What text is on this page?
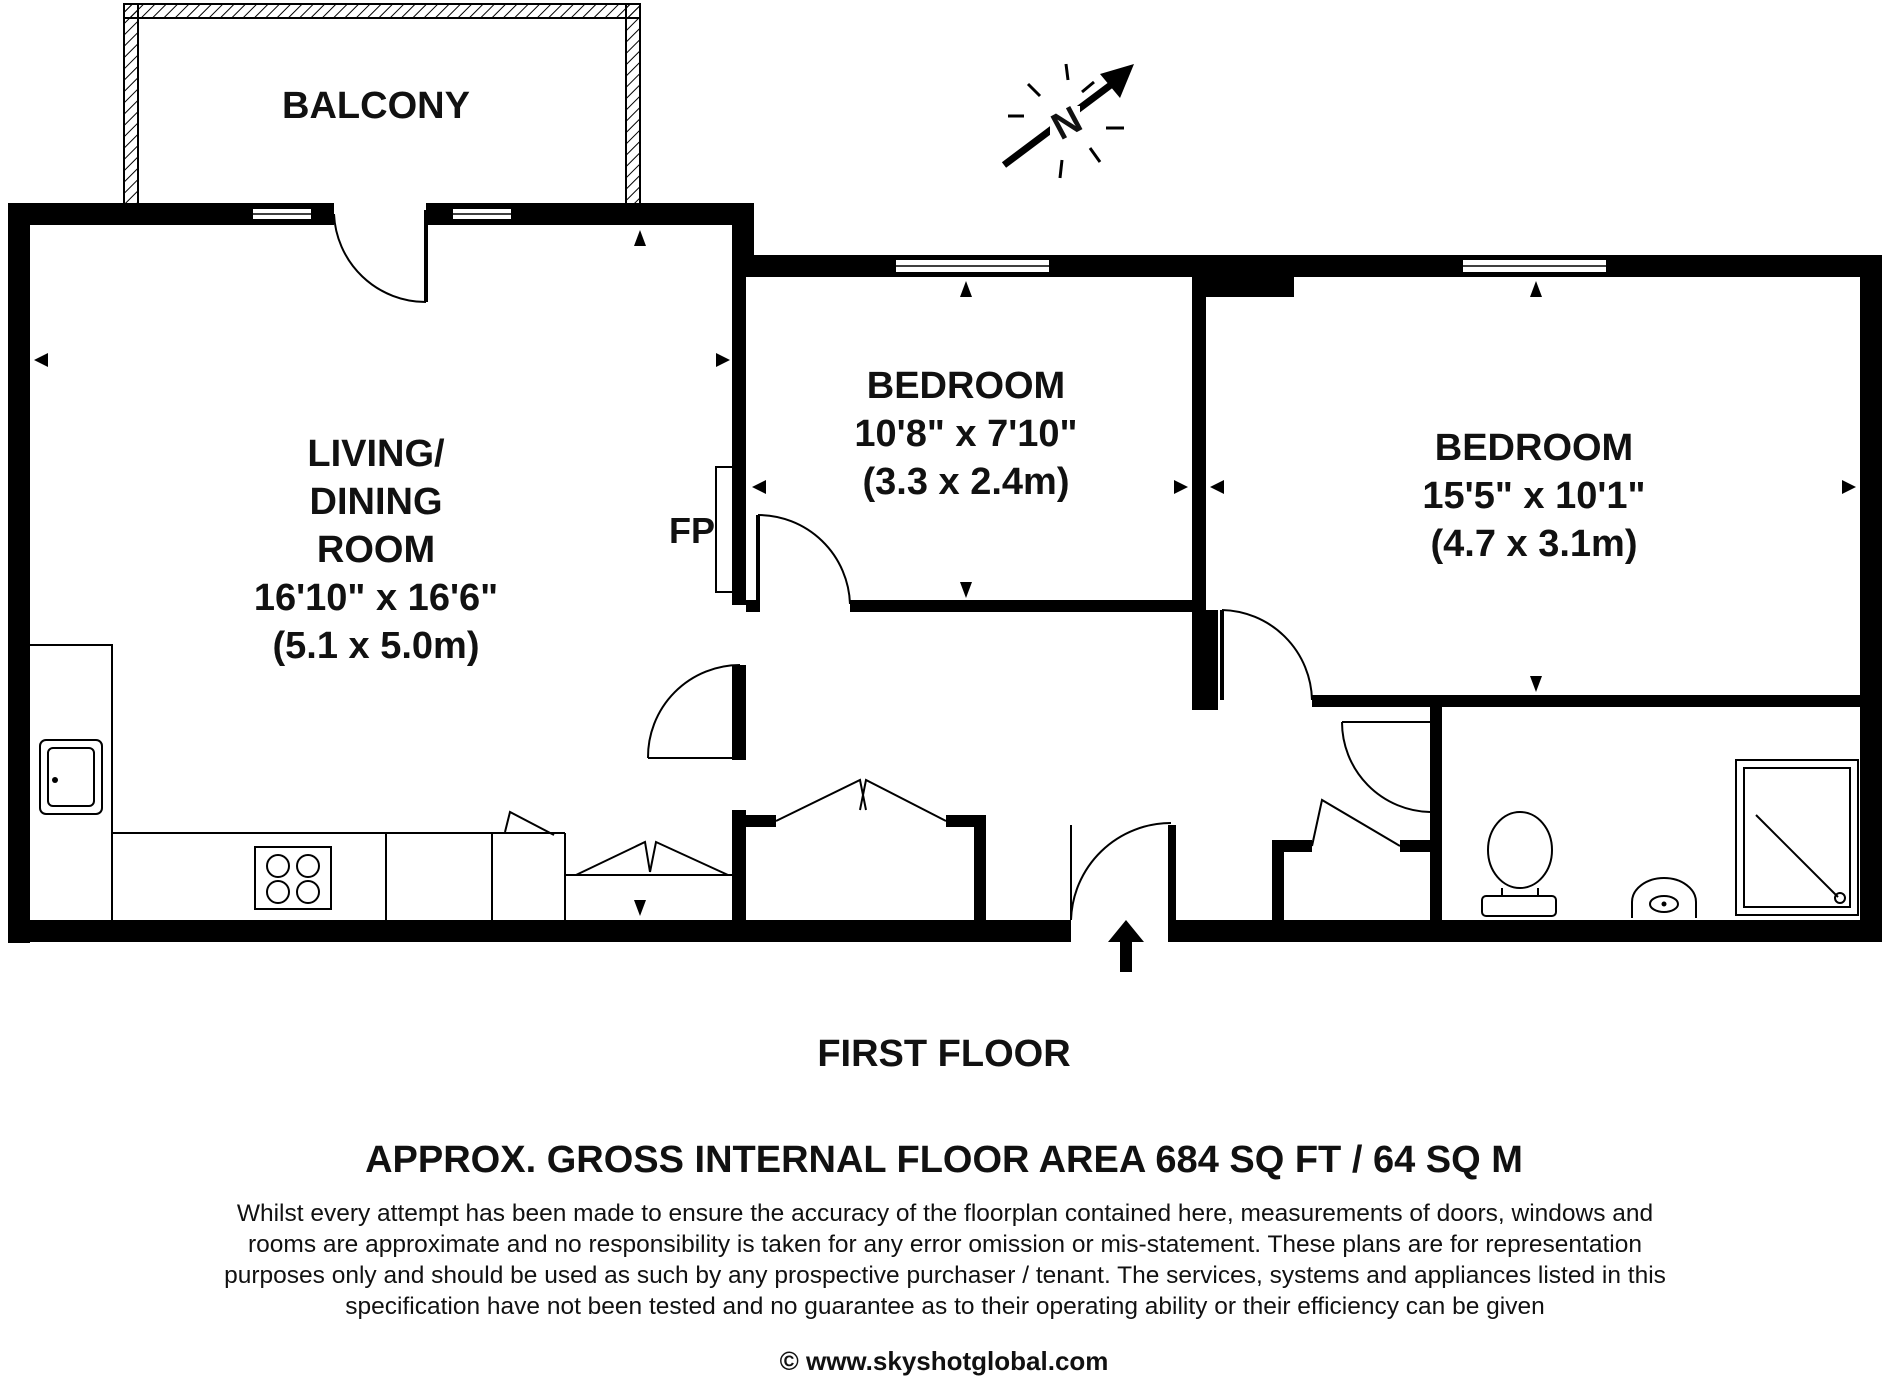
FP
N
BALCONY
LIVING/
DINING
ROOM
16'10" x 16'6"
(5.1 x 5.0m)
BEDROOM
10'8" x 7'10"
(3.3 x 2.4m)
BEDROOM
15'5" x 10'1"
(4.7 x 3.1m)
FIRST FLOOR
APPROX. GROSS INTERNAL FLOOR AREA 684 SQ FT / 64 SQ M
Whilst every attempt has been made to ensure the accuracy of the floorplan contained here, measurements of doors, windows and
rooms are approximate and no responsibility is taken for any error omission or mis-statement. These plans are for representation
purposes only and should be used as such by any prospective purchaser / tenant. The services, systems and appliances listed in this
specification have not been tested and no guarantee as to their operating ability or their efficiency can be given
© www.skyshotglobal.com
